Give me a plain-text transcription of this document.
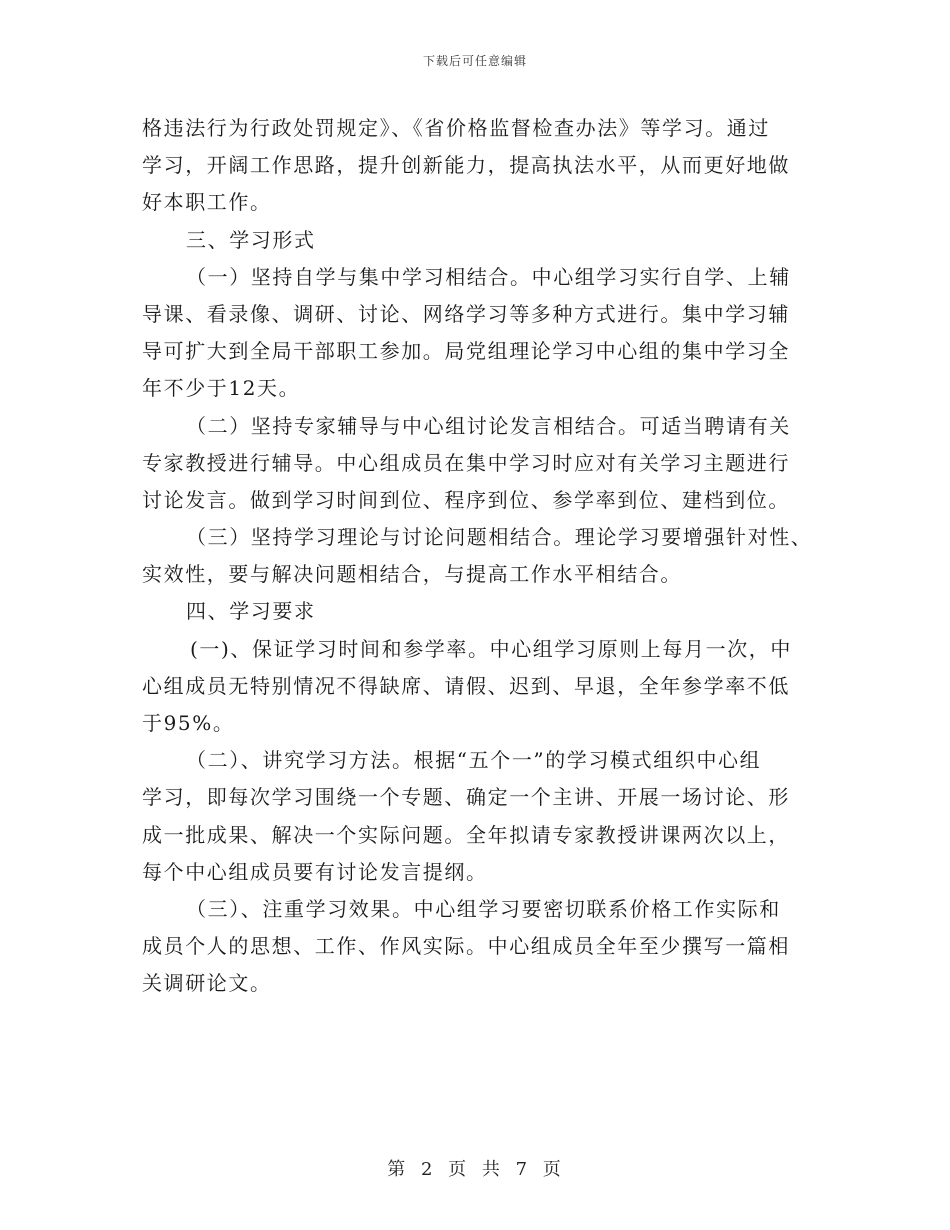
下载后可任意编辑
格违法行为行政处罚规定》、《省价格监督检查办法》等学习。通过
学习，开阔工作思路，提升创新能力，提高执法水平，从而更好地做
好本职工作。
三、学习形式
（一）坚持自学与集中学习相结合。中心组学习实行自学、上辅
导课、看录像、调研、讨论、网络学习等多种方式进行。集中学习辅
导可扩大到全局干部职工参加。局党组理论学习中心组的集中学习全
年不少于12天。
（二）坚持专家辅导与中心组讨论发言相结合。可适当聘请有关
专家教授进行辅导。中心组成员在集中学习时应对有关学习主题进行
讨论发言。做到学习时间到位、程序到位、参学率到位、建档到位。
（三）坚持学习理论与讨论问题相结合。理论学习要增强针对性、
实效性，要与解决问题相结合，与提高工作水平相结合。
四、学习要求
(一)、保证学习时间和参学率。中心组学习原则上每月一次，中
心组成员无特别情况不得缺席、请假、迟到、早退，全年参学率不低
于95%。
（二）、讲究学习方法。根据“五个一”的学习模式组织中心组
学习，即每次学习围绕一个专题、确定一个主讲、开展一场讨论、形
成一批成果、解决一个实际问题。全年拟请专家教授讲课两次以上，
每个中心组成员要有讨论发言提纲。
（三）、注重学习效果。中心组学习要密切联系价格工作实际和
成员个人的思想、工作、作风实际。中心组成员全年至少撰写一篇相
关调研论文。
第 2 页 共 7 页
